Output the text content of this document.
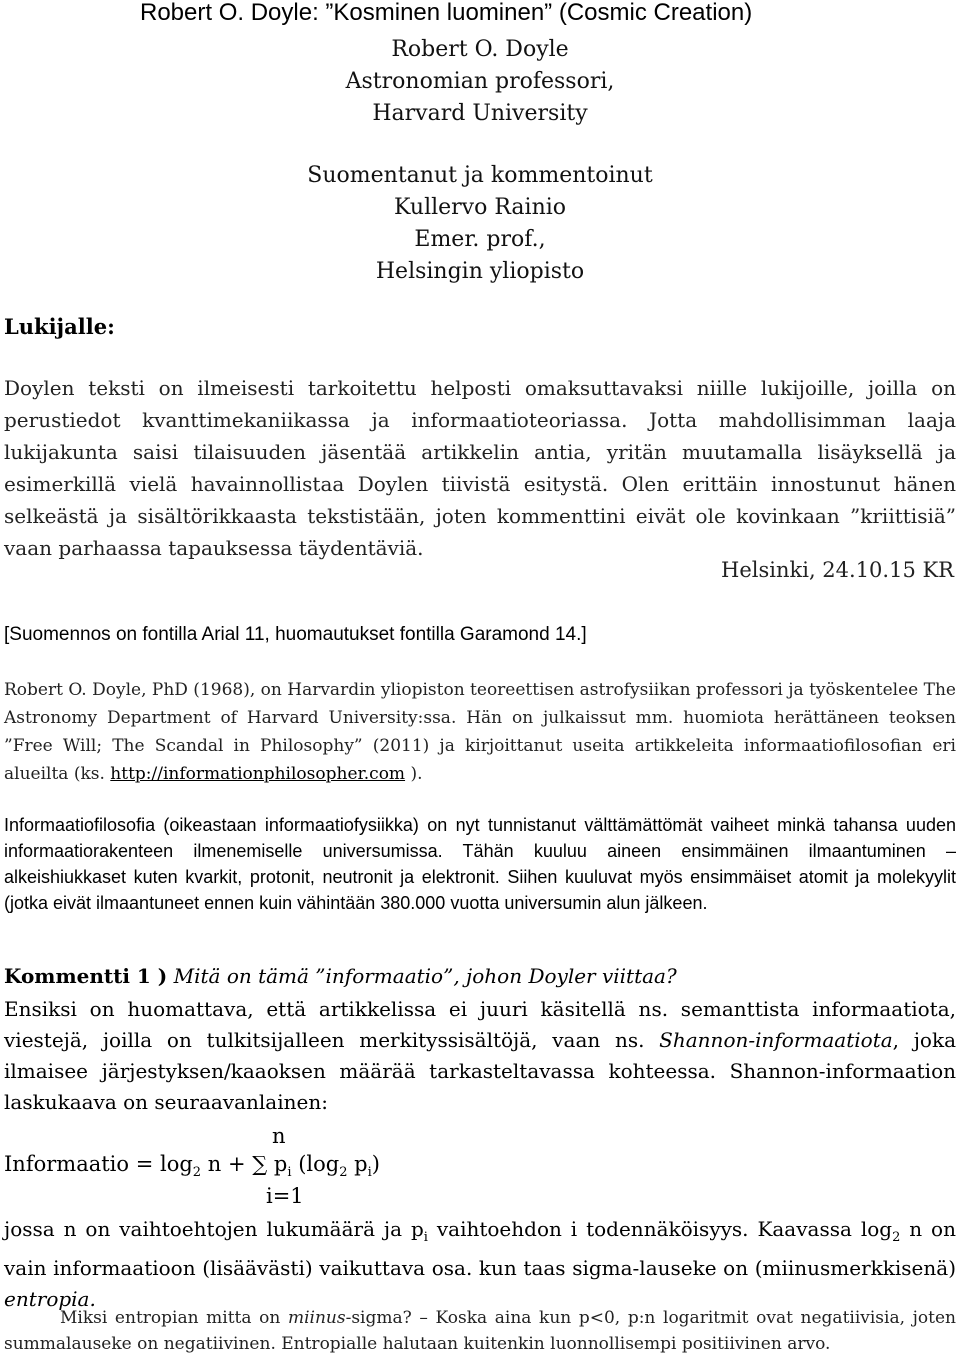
Robert O. Doyle: ”Kosminen luominen” (Cosmic Creation)
Robert O. Doyle
Astronomian professori,
Harvard University
Suomentanut ja kommentoinut
Kullervo Rainio
Emer. prof.,
Helsingin yliopisto
Lukijalle:

Doylen teksti on ilmeisesti tarkoitettu helposti omaksuttavaksi niille lukijoille, joilla on perustiedot kvanttimekaniikassa ja informaatioteoriassa. Jotta mahdollisimman laaja lukijakunta saisi tilaisuuden jäsentää artikkelin antia, yritän muutamalla lisäyksellä ja esimerkillä vielä havainnollistaa Doylen tiivistä esitystä. Olen erittäin innostunut hänen selkeästä ja sisältörikkaasta tekstistään, joten kommenttini eivät ole kovinkaan ”kriittisiä” vaan parhaassa tapauksessa täydentäviä.

Helsinki, 24.10.15 KR
[Suomennos on fontilla Arial 11, huomautukset fontilla Garamond 14.]

Robert O. Doyle, PhD (1968), on Harvardin yliopiston teoreettisen astrofysiikan professori ja työskentelee The Astronomy Department of Harvard University:ssa. Hän on julkaissut mm. huomiota herättäneen teoksen ”Free Will; The Scandal in Philosophy” (2011) ja kirjoittanut useita artikkeleita informaatiofilosofian eri alueilta (ks. http://informationphilosopher.com ).

Informaatiofilosofia (oikeastaan informaatiofysiikka) on nyt tunnistanut välttämättömät vaiheet minkä tahansa uuden informaatiorakenteen ilmenemiselle universumissa. Tähän kuuluu aineen ensimmäinen ilmaantuminen – alkeishiukkaset kuten kvarkit, protonit, neutronit ja elektronit. Siihen kuuluvat myös ensimmäiset atomit ja molekyylit (jotka eivät ilmaantuneet ennen kuin vähintään 380.000 vuotta universumin alun jälkeen.

Kommentti 1 ) Mitä on tämä ”informaatio”, johon Doyler viittaa?

Ensiksi on huomattava, että artikkelissa ei juuri käsitellä ns. semanttista informaatiota, viestejä, joilla on tulkitsijalleen merkityssisältöjä, vaan ns. Shannon-informaatiota, joka ilmaisee järjestyksen/kaaoksen määrää tarkasteltavassa kohteessa. Shannon-informaation laskukaava on seuraavanlainen:

n
Informaatio = $\log_2 n$ + ∑ $p_i$ ($\log_2$ $p_i$)
i=1

jossa n on vaihtoehtojen lukumäärä ja $p_i$ vaihtoehdon i todennäköisyys. Kaavassa $\log_2 n$ on vain informaatioon (lisäävästi) vaikuttava osa. kun taas sigma-lauseke on (miinusmerkkisenä) entropia.

Miksi entropian mitta on miinus-sigma? – Koska aina kun p<0, p:n logaritmit ovat negatiivisia, joten summalauseke on negatiivinen. Entropialle halutaan kuitenkin luonnollisempi positiivinen arvo.
